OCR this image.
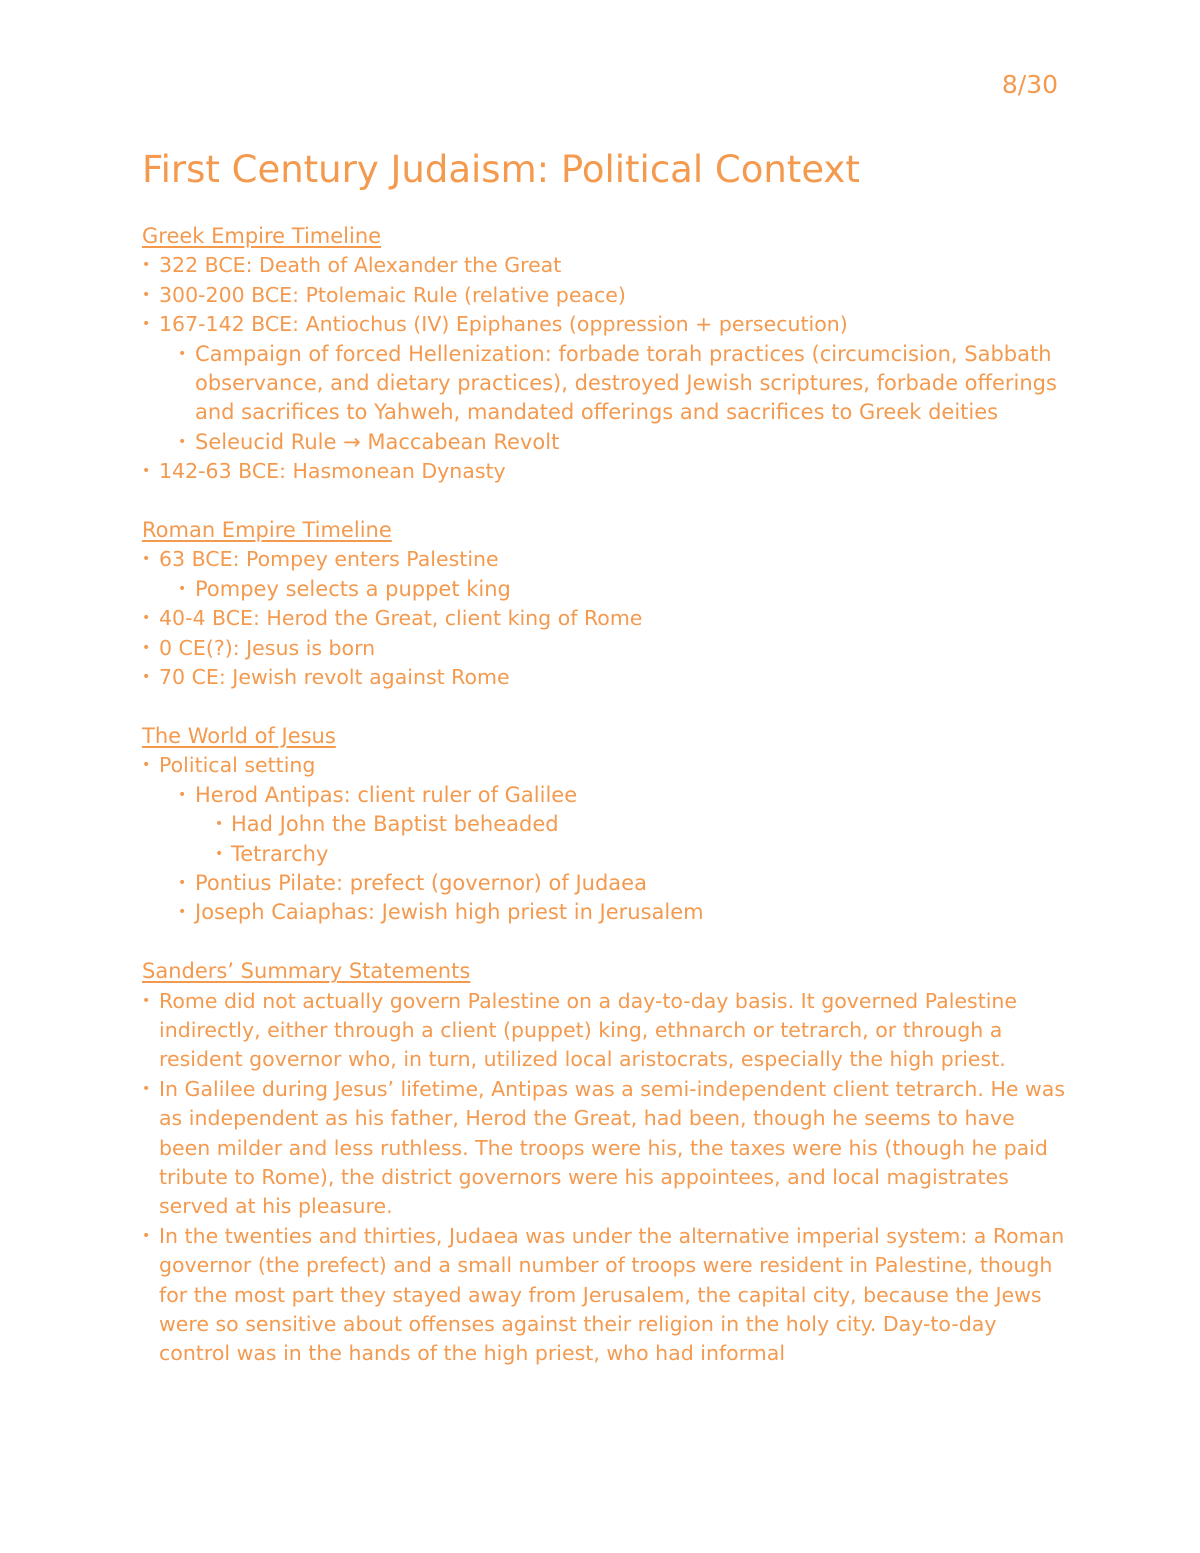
8/30
First Century Judaism: Political Context
Greek Empire Timeline
• 322 BCE: Death of Alexander the Great
• 300-200 BCE: Ptolemaic Rule (relative peace)
• 167-142 BCE: Antiochus (IV) Epiphanes (oppression + persecution)
• Campaign of forced Hellenization: forbade torah practices (circumcision, Sabbath observance, and dietary practices), destroyed Jewish scriptures, forbade offerings and sacrifices to Yahweh, mandated offerings and sacrifices to Greek deities
• Seleucid Rule → Maccabean Revolt
• 142-63 BCE: Hasmonean Dynasty
Roman Empire Timeline
• 63 BCE: Pompey enters Palestine
• Pompey selects a puppet king
• 40-4 BCE: Herod the Great, client king of Rome
• 0 CE(?): Jesus is born
• 70 CE: Jewish revolt against Rome
The World of Jesus
• Political setting
• Herod Antipas: client ruler of Galilee
• Had John the Baptist beheaded
• Tetrarchy
• Pontius Pilate: prefect (governor) of Judaea
• Joseph Caiaphas: Jewish high priest in Jerusalem
Sanders’ Summary Statements
• Rome did not actually govern Palestine on a day-to-day basis. It governed Palestine indirectly, either through a client (puppet) king, ethnarch or tetrarch, or through a resident governor who, in turn, utilized local aristocrats, especially the high priest.
• In Galilee during Jesus’ lifetime, Antipas was a semi-independent client tetrarch. He was as independent as his father, Herod the Great, had been, though he seems to have been milder and less ruthless. The troops were his, the taxes were his (though he paid tribute to Rome), the district governors were his appointees, and local magistrates served at his pleasure.
• In the twenties and thirties, Judaea was under the alternative imperial system: a Roman governor (the prefect) and a small number of troops were resident in Palestine, though for the most part they stayed away from Jerusalem, the capital city, because the Jews were so sensitive about offenses against their religion in the holy city. Day-to-day control was in the hands of the high priest, who had informal
